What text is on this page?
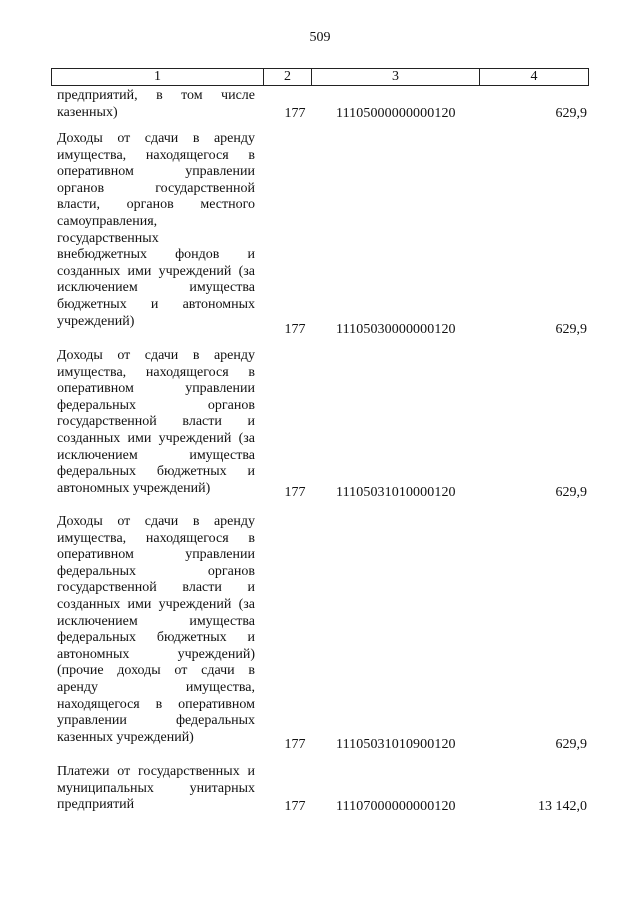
509
1	2	3	4
предприятий, в том числе
казенных)	177 11105000000000120	629,9
Доходы от сдачи в аренду
имущества, находящегося в
оперативном управлении
органов государственной
власти, органов местного
самоуправления,
государственных
внебюджетных фондов и
созданных ими учреждений (за
исключением имущества
бюджетных и автономных
учреждений)
177 11105030000000120	629,9
Доходы от сдачи в аренду
имущества, находящегося в
оперативном управлении
федеральных органов
государственной власти и
созданных ими учреждений (за
исключением имущества
федеральных бюджетных и
автономных учреждений)	177 11105031010000120	629,9
Доходы от сдачи в аренду
имущества, находящегося в
оперативном управлении
федеральных органов
государственной власти и
созданных ими учреждений (за
исключением имущества
федеральных бюджетных и
автономных учреждений)
(прочие доходы от сдачи в
аренду имущества,
находящегося в оперативном
управлении федеральных
казенных учреждений)	177 11105031010900120	629,9
Платежи от государственных и
муниципальных унитарных
предприятий	177 11107000000000120	13 142,0
